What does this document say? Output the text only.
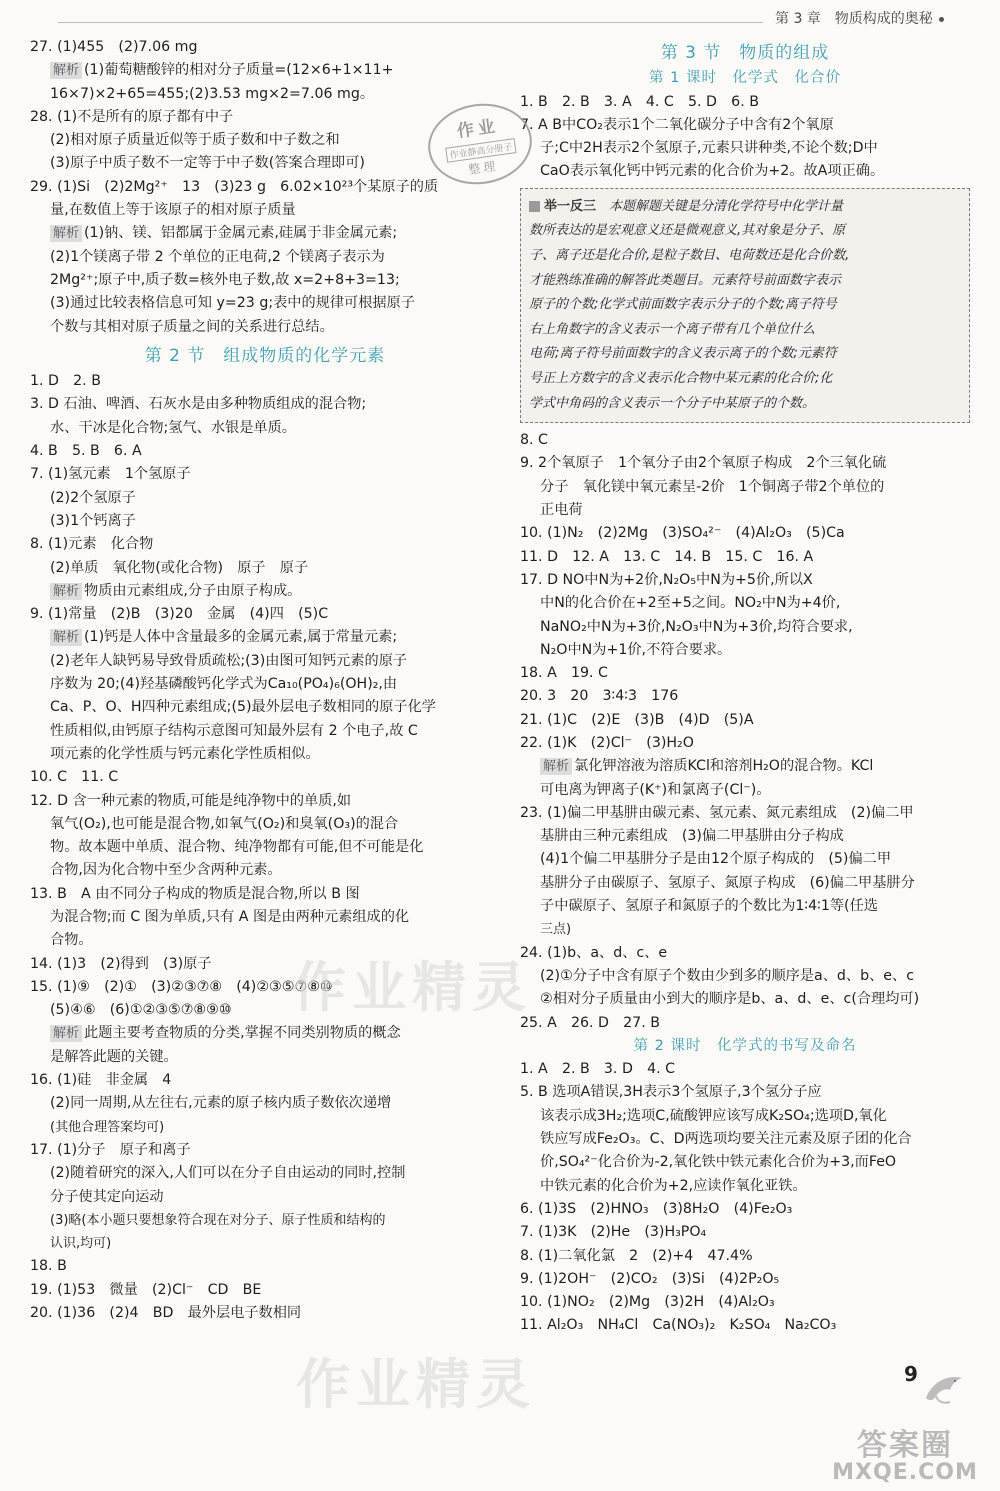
第 3 章　物质构成的奥秘
27. (1)455　(2)7.06 mg
解析 (1)葡萄糖酸锌的相对分子质量=(12×6+1×11+
16×7)×2+65=455;(2)3.53 mg×2=7.06 mg。
28. (1)不是所有的原子都有中子
(2)相对原子质量近似等于质子数和中子数之和
(3)原子中质子数不一定等于中子数(答案合理即可)
29. (1)Si　(2)2Mg²⁺　13　(3)23 g　6.02×10²³个某原子的质
量,在数值上等于该原子的相对原子质量
解析 (1)钠、镁、铝都属于金属元素,硅属于非金属元素;
(2)1个镁离子带 2 个单位的正电荷,2 个镁离子表示为
2Mg²⁺;原子中,质子数=核外电子数,故 x=2+8+3=13;
(3)通过比较表格信息可知 y=23 g;表中的规律可根据原子
个数与其相对原子质量之间的关系进行总结。
第 2 节　组成物质的化学元素
1. D　2. B
3. D 石油、啤酒、石灰水是由多种物质组成的混合物;
水、干冰是化合物;氢气、水银是单质。
4. B　5. B　6. A
7. (1)氢元素　1个氢原子
(2)2个氢原子
(3)1个钙离子
8. (1)元素　化合物
(2)单质　氧化物(或化合物)　原子　原子
解析 物质由元素组成,分子由原子构成。
9. (1)常量　(2)B　(3)20　金属　(4)四　(5)C
解析 (1)钙是人体中含量最多的金属元素,属于常量元素;
(2)老年人缺钙易导致骨质疏松;(3)由图可知钙元素的原子
序数为 20;(4)羟基磷酸钙化学式为Ca₁₀(PO₄)₆(OH)₂,由
Ca、P、O、H四种元素组成;(5)最外层电子数相同的原子化学
性质相似,由钙原子结构示意图可知最外层有 2 个电子,故 C
项元素的化学性质与钙元素化学性质相似。
10. C　11. C
12. D 含一种元素的物质,可能是纯净物中的单质,如
氧气(O₂),也可能是混合物,如氧气(O₂)和臭氧(O₃)的混合
物。故本题中单质、混合物、纯净物都有可能,但不可能是化
合物,因为化合物中至少含两种元素。
13. B　A 由不同分子构成的物质是混合物,所以 B 图
为混合物;而 C 图为单质,只有 A 图是由两种元素组成的化
合物。
14. (1)3　(2)得到　(3)原子
15. (1)⑨　(2)①　(3)②③⑦⑧　(4)②③⑤⑦⑧⑩
(5)④⑥　(6)①②③⑤⑦⑧⑨⑩
解析 此题主要考查物质的分类,掌握不同类别物质的概念
是解答此题的关键。
16. (1)硅　非金属　4
(2)同一周期,从左往右,元素的原子核内质子数依次递增
(其他合理答案均可)
17. (1)分子　原子和离子
(2)随着研究的深入,人们可以在分子自由运动的同时,控制
分子使其定向运动
(3)略(本小题只要想象符合现在对分子、原子性质和结构的
认识,均可)
18. B
19. (1)53　微量　(2)Cl⁻　CD　BE
20. (1)36　(2)4　BD　最外层电子数相同
第 3 节　物质的组成
第 1 课时　化学式　化合价
1. B　2. B　3. A　4. C　5. D　6. B
7. A B中CO₂表示1个二氧化碳分子中含有2个氧原
子;C中2H表示2个氢原子,元素只讲种类,不论个数;D中
CaO表示氧化钙中钙元素的化合价为+2。故A项正确。
举一反三　 本题解题关键是分清化学符号中化学计量
数所表达的是宏观意义还是微观意义,其对象是分子、原
子、离子还是化合价,是粒子数目、电荷数还是化合价数,
才能熟练准确的解答此类题目。元素符号前面数字表示
原子的个数;化学式前面数字表示分子的个数;离子符号
右上角数字的含义表示一个离子带有几个单位什么
电荷;离子符号前面数字的含义表示离子的个数;元素符
号正上方数字的含义表示化合物中某元素的化合价;化
学式中角码的含义表示一个分子中某原子的个数。
8. C
9. 2个氧原子　1个氧分子由2个氧原子构成　2个三氧化硫
分子　氧化镁中氧元素呈-2价　1个铜离子带2个单位的
正电荷
10. (1)N₂　(2)2Mg　(3)SO₄²⁻　(4)Al₂O₃　(5)Ca
11. D　12. A　13. C　14. B　15. C　16. A
17. D NO中N为+2价,N₂O₅中N为+5价,所以X
中N的化合价在+2至+5之间。NO₂中N为+4价,
NaNO₂中N为+3价,N₂O₃中N为+3价,均符合要求,
N₂O中N为+1价,不符合要求。
18. A　19. C
20. 3　20　3∶4∶3　176
21. (1)C　(2)E　(3)B　(4)D　(5)A
22. (1)K　(2)Cl⁻　(3)H₂O
解析 氯化钾溶液为溶质KCl和溶剂H₂O的混合物。KCl
可电离为钾离子(K⁺)和氯离子(Cl⁻)。
23. (1)偏二甲基肼由碳元素、氢元素、氮元素组成　(2)偏二甲
基肼由三种元素组成　(3)偏二甲基肼由分子构成
(4)1个偏二甲基肼分子是由12个原子构成的　(5)偏二甲
基肼分子由碳原子、氢原子、氮原子构成　(6)偏二甲基肼分
子中碳原子、氢原子和氮原子的个数比为1∶4∶1等(任选
三点)
24. (1)b、a、d、c、e
(2)①分子中含有原子个数由少到多的顺序是a、d、b、e、c
②相对分子质量由小到大的顺序是b、a、d、e、c(合理均可)
25. A　26. D　27. B
第 2 课时　化学式的书写及命名
1. A　2. B　3. D　4. C
5. B 选项A错误,3H表示3个氢原子,3个氢分子应
该表示成3H₂;选项C,硫酸钾应该写成K₂SO₄;选项D,氧化
铁应写成Fe₂O₃。C、D两选项均要关注元素及原子团的化合
价,SO₄²⁻化合价为-2,氧化铁中铁元素化合价为+3,而FeO
中铁元素的化合价为+2,应读作氧化亚铁。
6. (1)3S　(2)HNO₃　(3)8H₂O　(4)Fe₂O₃
7. (1)3K　(2)He　(3)H₃PO₄
8. (1)二氧化氯　2　(2)+4　47.4%
9. (1)2OH⁻　(2)CO₂　(3)Si　(4)2P₂O₅
10. (1)NO₂　(2)Mg　(3)2H　(4)Al₂O₃
11. Al₂O₃　NH₄Cl　Ca(NO₃)₂　K₂SO₄　Na₂CO₃
作业
作业静高分册子
整理
作业精灵
作业精灵	9
答案圈
MXQE.COM
